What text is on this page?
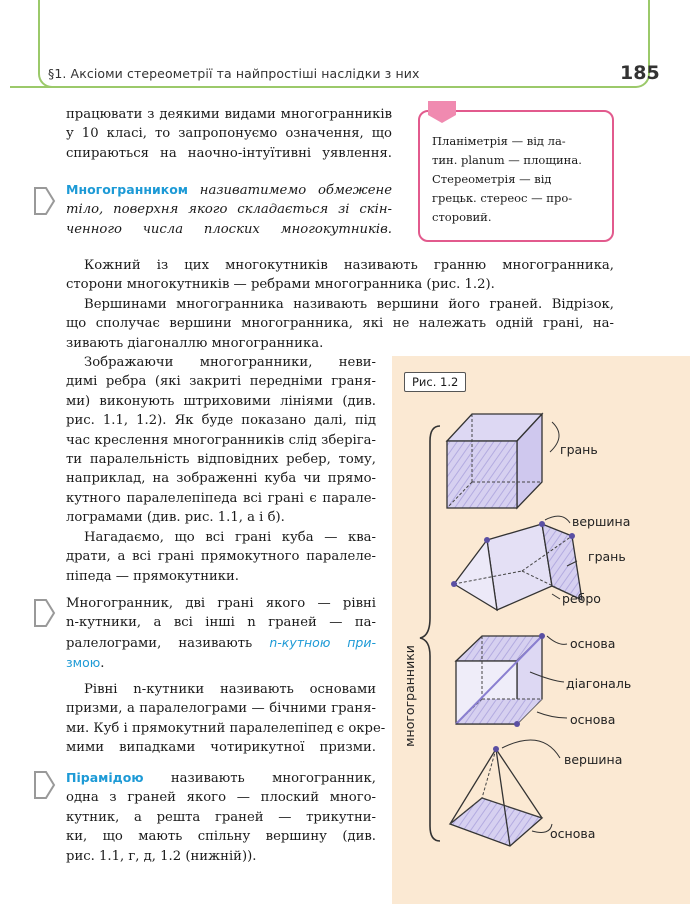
§1. Аксіоми стереометрії та найпростіші наслідки з них	185
працювати з деякими видами многогранників
у 10 класі, то запропонуємо означення, що
спираються на наочно-інтуїтивні уявлення.
Многогранником називатимемо обмежене
тіло, поверхня якого складається зі скін-
ченного числа плоских многокутників.
Планіметрія — від ла-
тин. planum — площина.
Стереометрія — від
грецьк. стереос — про-
сторовий.
Кожний із цих многокутників називають гранню многогранника,
сторони многокутників — ребрами многогранника (рис. 1.2).
Вершинами многогранника називають вершини його граней. Відрізок,
що сполучає вершини многогранника, які не належать одній грані, на-
зивають діагоналлю многогранника.
Зображаючи многогранники, неви-
димі ребра (які закриті передніми граня-
ми) виконують штриховими лініями (див.
рис. 1.1, 1.2). Як буде показано далі, під
час креслення многогранників слід зберіга-
ти паралельність відповідних ребер, тому,
наприклад, на зображенні куба чи прямо-
кутного паралелепіпеда всі грані є парале-
лограмами (див. рис. 1.1, а і б).
Нагадаємо, що всі грані куба — ква-
драти, а всі грані прямокутного паралеле-
піпеда — прямокутники.
Многогранник, дві грані якого — рівні
n-кутники, а всі інші n граней — па-
ралелограми, називають n-кутною при-
змою.
Рівні n-кутники називають основами
призми, а паралелограми — бічними граня-
ми. Куб і прямокутний паралелепіпед є окре-
мими випадками чотирикутної призми.
Пірамідою називають многогранник,
одна з граней якого — плоский много-
кутник, а решта граней — трикутни-
ки, що мають спільну вершину (див.
рис. 1.1, г, д, 1.2 (нижній)).
Рис. 1.2
многогранники
грань
вершина
грань
ребро
основа
діагональ
основа
вершина
основа
